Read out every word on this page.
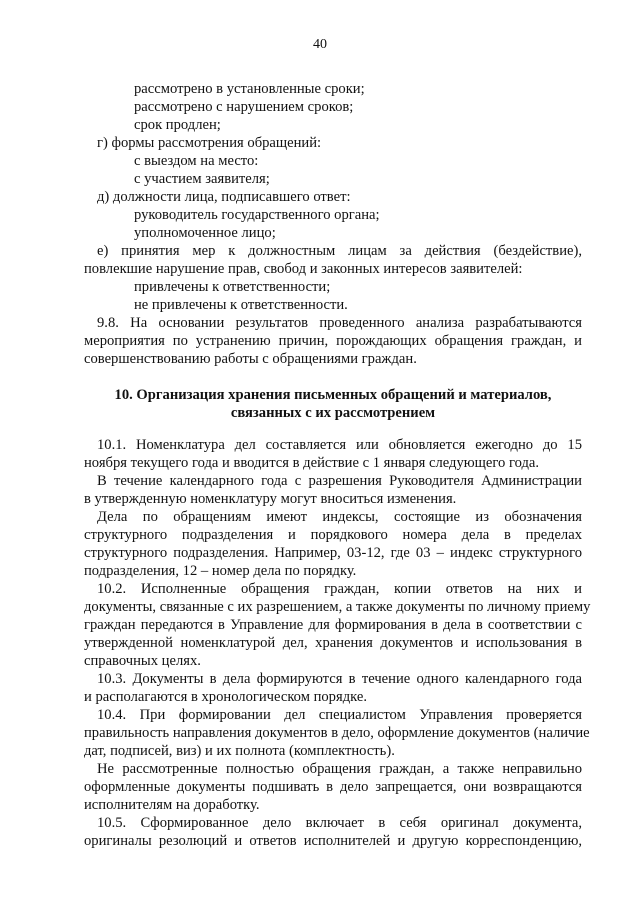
40
рассмотрено в установленные сроки;
рассмотрено с нарушением сроков;
срок продлен;
г) формы рассмотрения обращений:
с выездом на место:
с участием заявителя;
д) должности лица, подписавшего ответ:
руководитель государственного органа;
уполномоченное лицо;
е) принятия мер к должностным лицам за действия (бездействие),
повлекшие нарушение прав, свобод и законных интересов заявителей:
привлечены к ответственности;
не привлечены к ответственности.
9.8. На основании результатов проведенного анализа разрабатываются
мероприятия по устранению причин, порождающих обращения граждан, и
совершенствованию работы с обращениями граждан.
10. Организация хранения письменных обращений и материалов,
связанных с их рассмотрением
10.1. Номенклатура дел составляется или обновляется ежегодно до 15
ноября текущего года и вводится в действие с 1 января следующего года.
В течение календарного года с разрешения Руководителя Администрации
в утвержденную номенклатуру могут вноситься изменения.
Дела по обращениям имеют индексы, состоящие из обозначения
структурного подразделения и порядкового номера дела в пределах
структурного подразделения. Например, 03-12, где 03 – индекс структурного
подразделения, 12 – номер дела по порядку.
10.2. Исполненные обращения граждан, копии ответов на них и
документы, связанные с их разрешением, а также документы по личному приему
граждан передаются в Управление для формирования в дела в соответствии с
утвержденной номенклатурой дел, хранения документов и использования в
справочных целях.
10.3. Документы в дела формируются в течение одного календарного года
и располагаются в хронологическом порядке.
10.4. При формировании дел специалистом Управления проверяется
правильность направления документов в дело, оформление документов (наличие
дат, подписей, виз) и их полнота (комплектность).
Не рассмотренные полностью обращения граждан, а также неправильно
оформленные документы подшивать в дело запрещается, они возвращаются
исполнителям на доработку.
10.5. Сформированное дело включает в себя оригинал документа,
оригиналы резолюций и ответов исполнителей и другую корреспонденцию,
